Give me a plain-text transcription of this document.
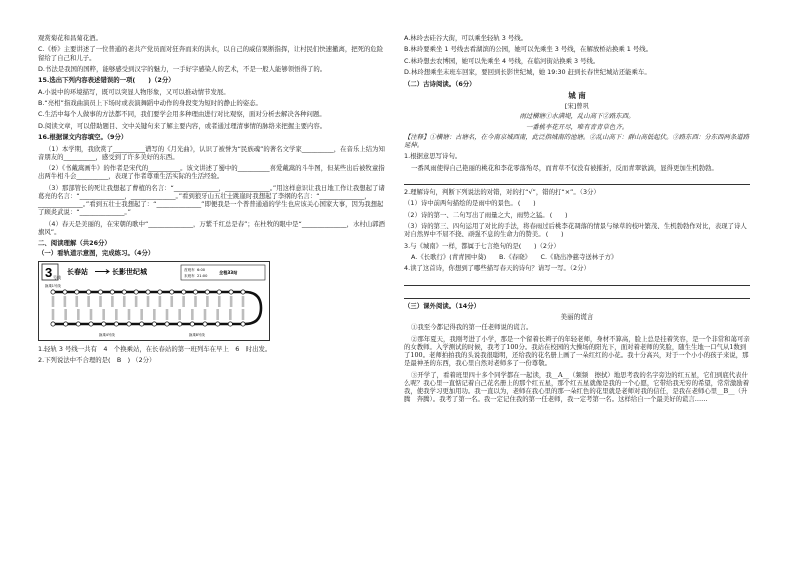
观赏菊花和昌菊花酒。

C.《桥》主要讲述了一位普通的老共产党员面对狂奔而来的洪水，以自己的威信果断指挥，让村民们快速撤离，把死的危险留给了自己和儿子。

D.书法是我国的国粹，能够感受到汉字的魅力，一手好字感染人的艺术，不是一般人能够领悟得了的。

15.选出下列内容表述错误的一项(　　)（2分）

A.小说中的环境描写，既可以突显人物形象，又可以推动情节发展。

B.“亮相”指戏曲演员上下场时或表演舞蹈中动作的身段变为短时的静止的姿态。

C.生活中每个人做事的方法都不同，我们要学会用多种理由进行对比观察，面对分析去解决各种问题。

D.阅读文章，可以借助题目、文中关键句来了解主要内容，或者通过理清事情的脉络来把握主要内容。

16.根据课文内容填空。（9分）

（1）本学期，我欣赏了__________谱写的《月光曲》，认识了被誉为“民族魂”的著名文学家__________，在音乐上结为知音朋友的__________，感受到了许多美好的东西。

（2）《书戴嵩画牛》的作者是宋代的__________。该文讲述了蜀中的__________喜爱戴嵩的斗牛图，但某些出后被牧童指出两牛相斗会__________，表现了作者尊重生活实际的生活经验。

（3）那部管长的死让我想起了曹植的名言：“______________，______________。”用这样意识让我日地工作让我想起了诸葛亮的名言：“______________，______________。”看到狼牙山五壮士跳崖时我想起了李纲的名言：“______________，______________。”看到五壮士我想起了：“______________”即便我是一个普普通通的学生也应该关心国家大事，因为我想起了顾炎武说：“______________。”

（4）春天是美丽的，在宋朝的歌中“______________，万紫千红总是春”；在杜牧的眼中是“______________，水村山郭酒旗风”。

二、阅读理解（共26分）

（一）看轨道示意图，完成练习。（4分）

3 号线
长春站	长影世纪城	首班车 6:00
末班车 21:00
全程33站
换乘1号线
换乘4号线	换乘8号线

1.轻轨 3 号线一共有　4　个换乘站，在长春站的第一班列车在早上　6　时出发。

2.下列说法中不合理的是(　B　) （2分）

A.林玲去硅谷大街，可以乘坐轻轨 3 号线。

B.林玲要乘坐 1 号线去看湖滨的公园，她可以先乘坐 3 号线，在解放桥站换乘 1 号线。

C.林玲想去农博园，她可以先乘坐 4 号线，在临河街站换乘 3 号线。

D.林玲想乘坐末班车回家，要回到长影世纪城，她 19:30 赶到长春世纪城站还能乘车。

（二）古诗阅读。（6分）

城 南

[宋]曾巩

雨过横塘①水满堤，乱山高下②路东西。

一番桃李花开尽，唯有青青草色齐。

【注释】①横塘：古塘名，在今南京城西南，此泛指城南的池塘。②乱山高下：群山高低起伏。③路东西：分东西两条道路延伸。

1.根据意思写诗句。

一番风雨使得自己艳丽的桃花和李花零落殆尽，而青草不仅没有被摧折，反而青翠欲滴，显得更加生机勃勃。

2.理解诗句，判断下列说法的对错，对的打“√”，错的打“×”。（3分）

（1）诗中前两句描绘的是雨中的景色。(　　)

（2）诗的第一、二句写出了雨量之大，雨势之猛。(　　)

（3）诗的第三、四句运用了对比的手法，将春雨过后桃李花凋落的情景与绿草的枝叶繁茂、生机勃勃作对比，表现了诗人对自然界中不屈不挠、顽强不息的生命力的赞美。(　　)

3.与《城南》一样，都属于七言绝句的是(　　)（2分）

A.《长歌行》(青青园中葵)　　B.《春晓》　　C.《晓出净慈寺送林子方》

4.读了这首诗，你想到了哪些描写春天的诗句？请写一写。（2分）

（三）课外阅读。（14分）

美丽的谎言

①我至今都记得我的第一任老师说的谎言。

②那年夏天，我刚考进了小学，那是一个留着长辫子的年轻老师，身材不算高，脸上总是挂着笑容，是一个非常和蔼可亲的女教师。入学测试的时候，我考了100分。我站在校园的大操场的阳光下，面对着老师的笑脸，随生生地一口气从1数到了100。老师拍拍我的头说我很聪明，还给我的花名册上画了一朵红红的小花。我十分高兴，对于一个小小的孩子来说，那是最神圣的东西，我心里自然对老师多了一份尊敬。

③开学了，看着班里四十多个同学都在一起读，我__A__（频频　擦拭）地思考我的名字旁边的红五星，它们到底代表什么呢？我心里一直惦记着自己花名册上的那个红五星，那个红五星就像是我的一个心愿，它带给我无穷的希望，常常激励着我，使我学习更加用功。我一直以为，老师在我心里的那一朵红色的花里就是老师对我的信任，是我在老师心里__B__（升腾　奔腾）。我考了第一名。我一定记住我的第一任老师，我一定考第一名。这样给自一个最美好的谎言……
